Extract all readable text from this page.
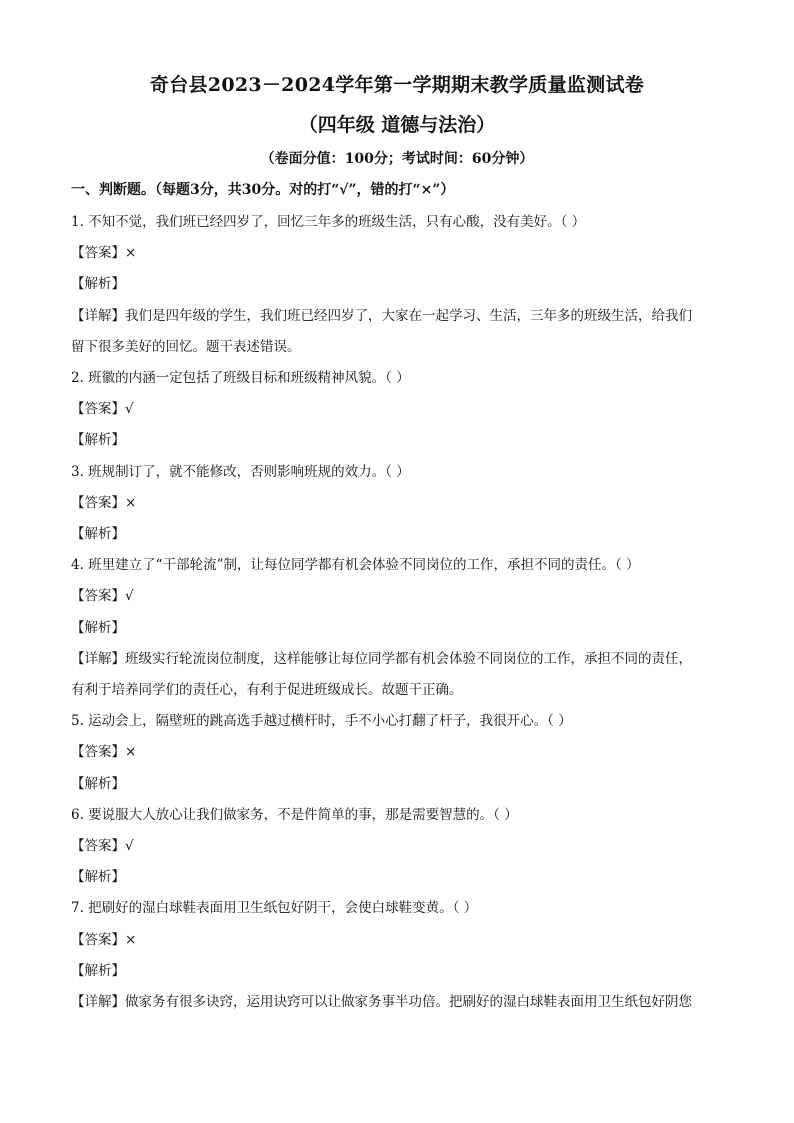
奇台县2023－2024学年第一学期期末教学质量监测试卷
（四年级 道德与法治）
（卷面分值：100分；考试时间：60分钟）
一、判断题。（每题3分，共30分。对的打“√”，错的打“×”）
1. 不知不觉，我们班已经四岁了，回忆三年多的班级生活，只有心酸，没有美好。（ ）
【答案】×
【解析】
【详解】我们是四年级的学生，我们班已经四岁了，大家在一起学习、生活，三年多的班级生活，给我们
留下很多美好的回忆。题干表述错误。
2. 班徽的内涵一定包括了班级目标和班级精神风貌。（ ）
【答案】√
【解析】
3. 班规制订了，就不能修改，否则影响班规的效力。（ ）
【答案】×
【解析】
4. 班里建立了“干部轮流”制，让每位同学都有机会体验不同岗位的工作，承担不同的责任。（ ）
【答案】√
【解析】
【详解】班级实行轮流岗位制度，这样能够让每位同学都有机会体验不同岗位的工作，承担不同的责任，
有利于培养同学们的责任心，有利于促进班级成长。故题干正确。
5. 运动会上，隔壁班的跳高选手越过横杆时，手不小心打翻了杆子，我很开心。（ ）
【答案】×
【解析】
6. 要说服大人放心让我们做家务，不是件简单的事，那是需要智慧的。（ ）
【答案】√
【解析】
7. 把刷好的湿白球鞋表面用卫生纸包好阴干，会使白球鞋变黄。（ ）
【答案】×
【解析】
【详解】做家务有很多诀窍，运用诀窍可以让做家务事半功倍。把刷好的湿白球鞋表面用卫生纸包好阴您
